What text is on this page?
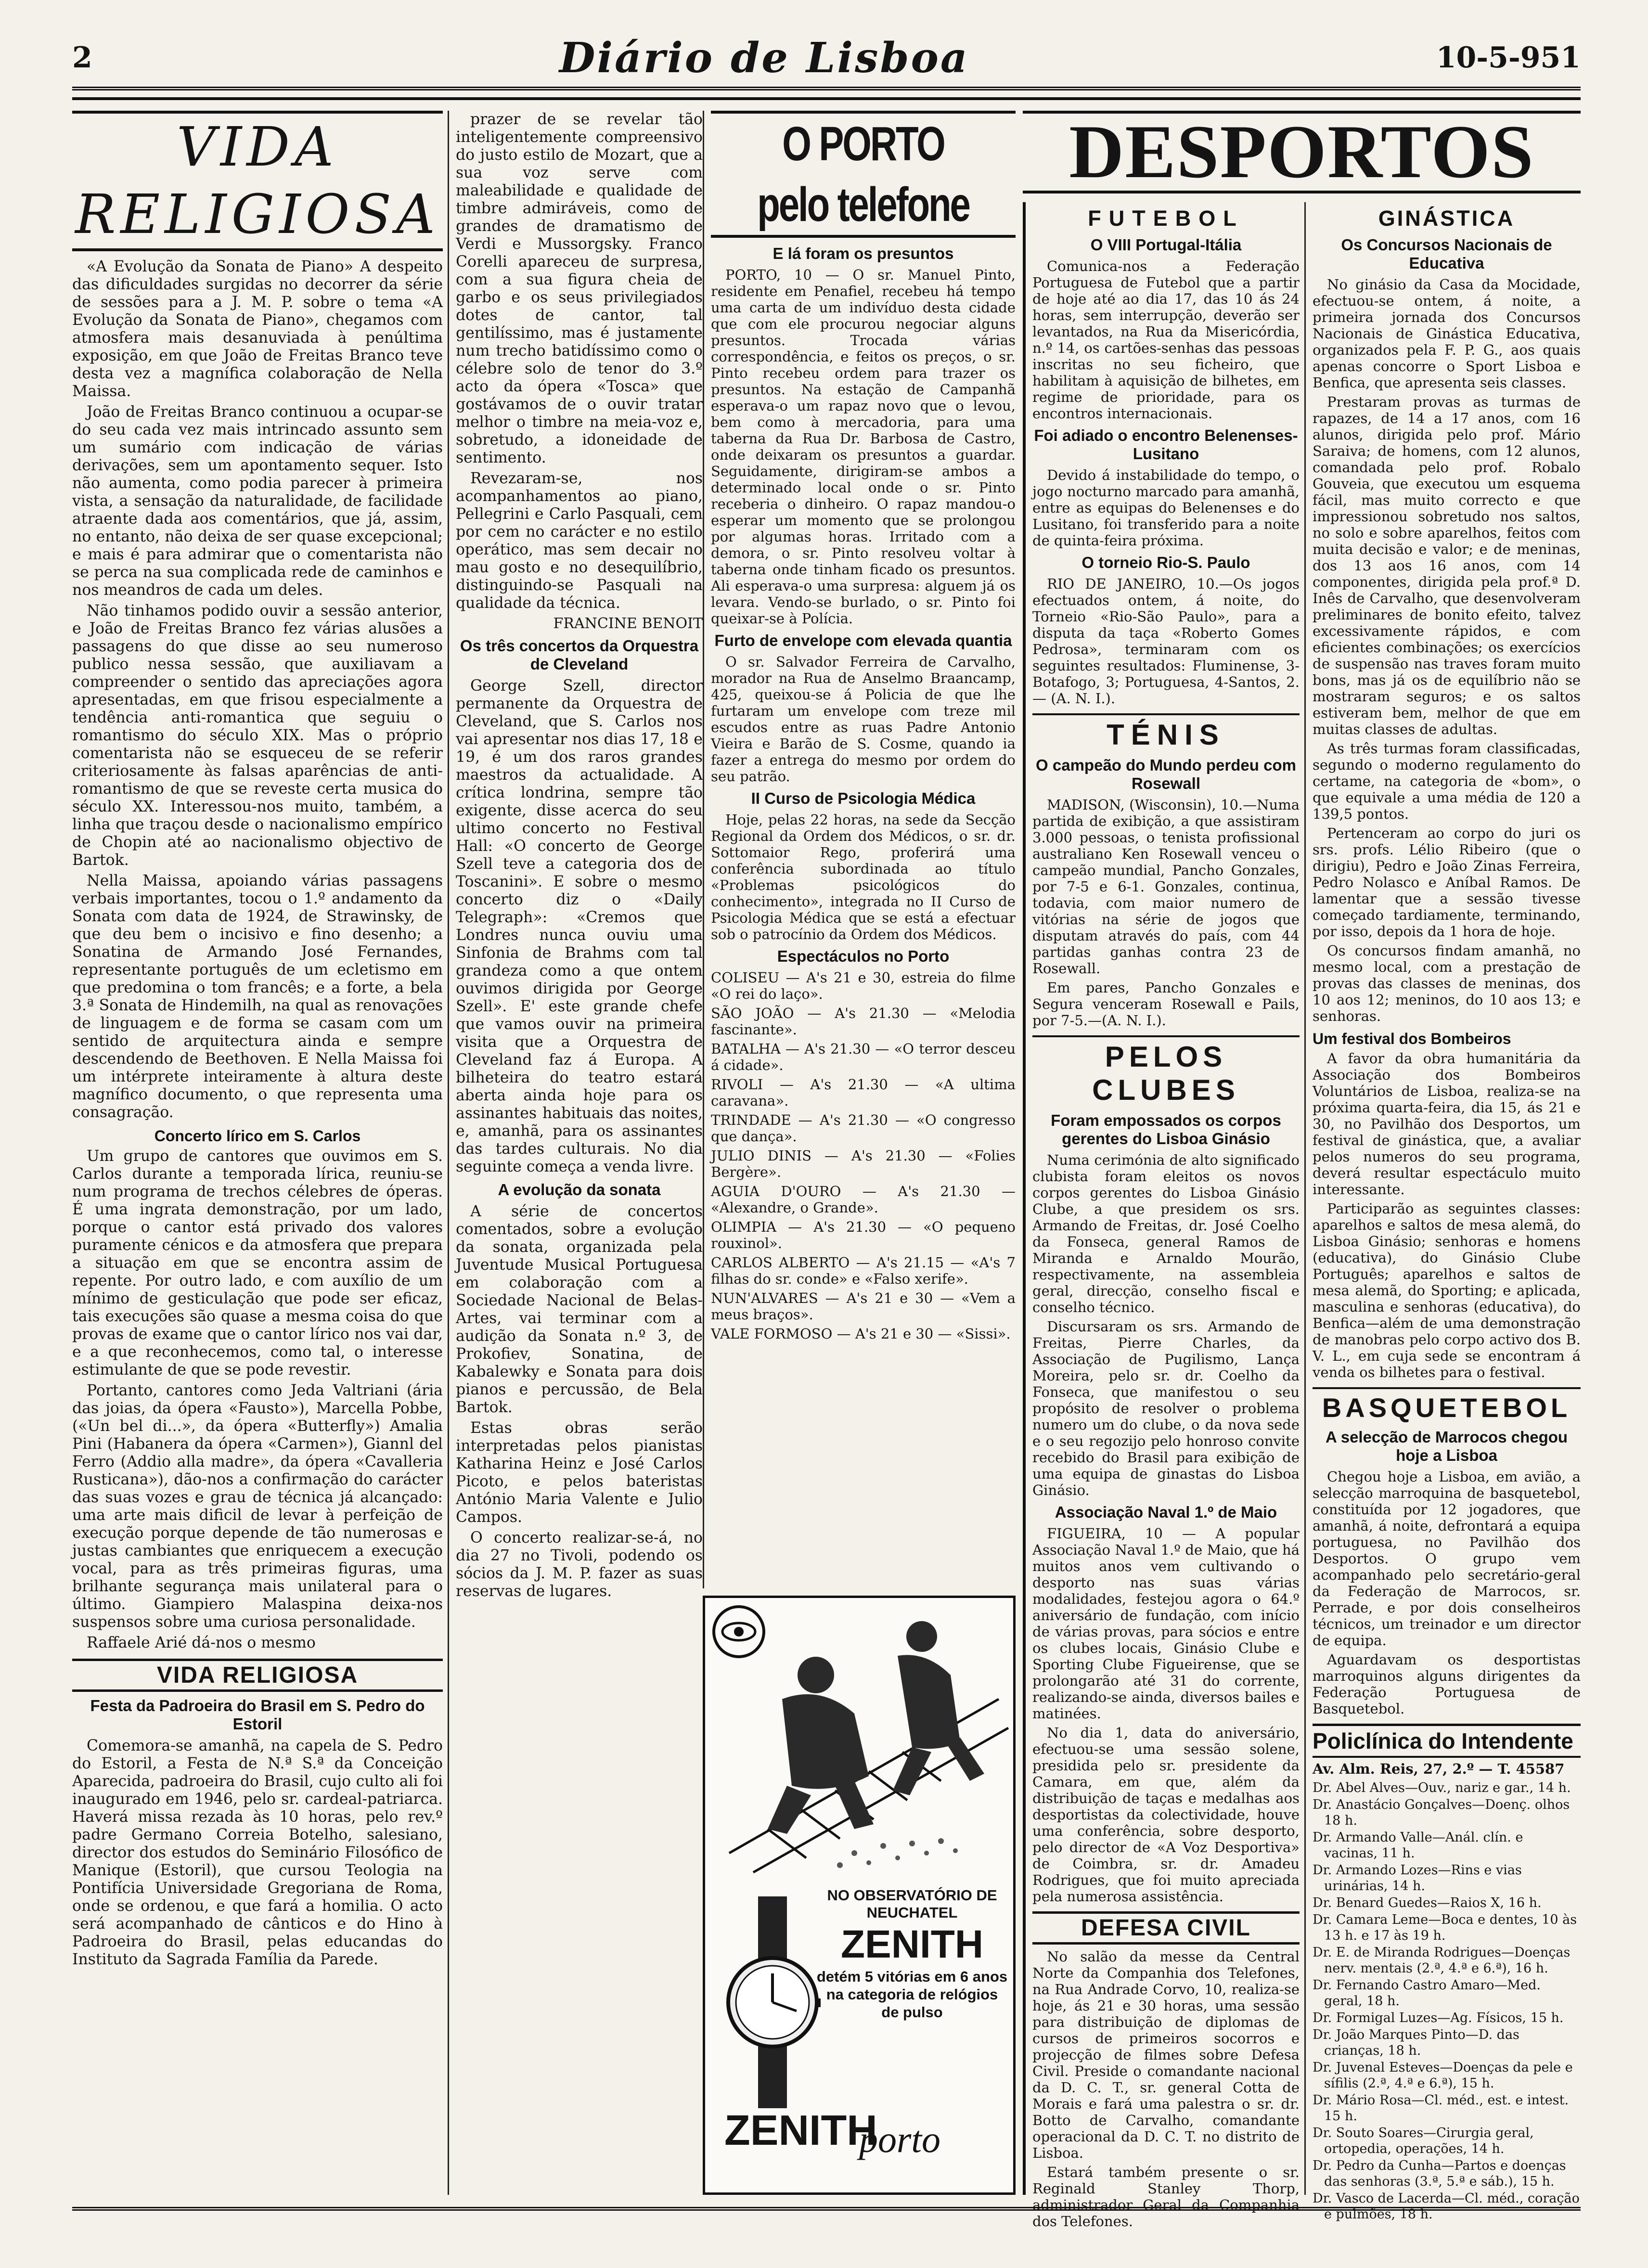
2	Diário de Lisboa	10-5-951
VIDA RELIGIOSA

«A Evolução da Sonata de Piano» A despeito das dificuldades surgidas no decorrer da série de sessões para a J. M. P. sobre o tema «A Evolução da Sonata de Piano», chegamos com atmosfera mais desanuviada à penúltima exposição, em que João de Freitas Branco teve desta vez a magnífica colaboração de Nella Maissa.

João de Freitas Branco continuou a ocupar-se do seu cada vez mais intrincado assunto sem um sumário com indicação de várias derivações, sem um apontamento sequer. Isto não aumenta, como podia parecer à primeira vista, a sensação da naturalidade, de facilidade atraente dada aos comentários, que já, assim, no entanto, não deixa de ser quase excepcional; e mais é para admirar que o comentarista não se perca na sua complicada rede de caminhos e nos meandros de cada um deles.

Não tinhamos podido ouvir a sessão anterior, e João de Freitas Branco fez várias alusões a passagens do que disse ao seu numeroso publico nessa sessão, que auxiliavam a compreender o sentido das apreciações agora apresentadas, em que frisou especialmente a tendência anti-romantica que seguiu o romantismo do século XIX. Mas o próprio comentarista não se esqueceu de se referir criteriosamente às falsas aparências de anti-romantismo de que se reveste certa musica do século XX. Interessou-nos muito, também, a linha que traçou desde o nacionalismo empírico de Chopin até ao nacionalismo objectivo de Bartok.

Nella Maissa, apoiando várias passagens verbais importantes, tocou o 1.º andamento da Sonata com data de 1924, de Strawinsky, de que deu bem o incisivo e fino desenho; a Sonatina de Armando José Fernandes, representante português de um ecletismo em que predomina o tom francês; e a forte, a bela 3.ª Sonata de Hindemilh, na qual as renovações de linguagem e de forma se casam com um sentido de arquitectura ainda e sempre descendendo de Beethoven. E Nella Maissa foi um intérprete inteiramente à altura deste magnífico documento, o que representa uma consagração.

Concerto lírico em S. Carlos

Um grupo de cantores que ouvimos em S. Carlos durante a temporada lírica, reuniu-se num programa de trechos célebres de óperas. É uma ingrata demonstração, por um lado, porque o cantor está privado dos valores puramente cénicos e da atmosfera que prepara a situação em que se encontra assim de repente. Por outro lado, e com auxílio de um mínimo de gesticulação que pode ser eficaz, tais execuções são quase a mesma coisa do que provas de exame que o cantor lírico nos vai dar, e a que reconhecemos, como tal, o interesse estimulante de que se pode revestir.

Portanto, cantores como Jeda Valtriani (ária das joias, da ópera «Fausto»), Marcella Pobbe, («Un bel di...», da ópera «Butterfly») Amalia Pini (Habanera da ópera «Carmen»), Giannl del Ferro (Addio alla madre», da ópera «Cavalleria Rusticana»), dão-nos a confirmação do carácter das suas vozes e grau de técnica já alcançado: uma arte mais dificil de levar à perfeição de execução porque depende de tão numerosas e justas cambiantes que enriquecem a execução vocal, para as três primeiras figuras, uma brilhante segurança mais unilateral para o último. Giampiero Malaspina deixa-nos suspensos sobre uma curiosa personalidade.

Raffaele Arié dá-nos o mesmo

VIDA RELIGIOSA
Festa da Padroeira do Brasil em S. Pedro do Estoril

Comemora-se amanhã, na capela de S. Pedro do Estoril, a Festa de N.ª S.ª da Conceição Aparecida, padroeira do Brasil, cujo culto ali foi inaugurado em 1946, pelo sr. cardeal-patriarca. Haverá missa rezada às 10 horas, pelo rev.º padre Germano Correia Botelho, salesiano, director dos estudos do Seminário Filosófico de Manique (Estoril), que cursou Teologia na Pontifícia Universidade Gregoriana de Roma, onde se ordenou, e que fará a homilia. O acto será acompanhado de cânticos e do Hino à Padroeira do Brasil, pelas educandas do Instituto da Sagrada Família da Parede.

prazer de se revelar tão inteligentemente compreensivo do justo estilo de Mozart, que a sua voz serve com maleabilidade e qualidade de timbre admiráveis, como de grandes de dramatismo de Verdi e Mussorgsky. Franco Corelli apareceu de surpresa, com a sua figura cheia de garbo e os seus privilegiados dotes de cantor, tal gentilíssimo, mas é justamente num trecho batidíssimo como o célebre solo de tenor do 3.º acto da ópera «Tosca» que gostávamos de o ouvir tratar melhor o timbre na meia-voz e, sobretudo, a idoneidade de sentimento.

Revezaram-se, nos acompanhamentos ao piano, Pellegrini e Carlo Pasquali, cem por cem no carácter e no estilo operático, mas sem decair no mau gosto e no desequilíbrio, distinguindo-se Pasquali na qualidade da técnica.

FRANCINE BENOIT
Os três concertos da Orquestra de Cleveland

George Szell, director permanente da Orquestra de Cleveland, que S. Carlos nos vai apresentar nos dias 17, 18 e 19, é um dos raros grandes maestros da actualidade. A crítica londrina, sempre tão exigente, disse acerca do seu ultimo concerto no Festival Hall: «O concerto de George Szell teve a categoria dos de Toscanini». E sobre o mesmo concerto diz o «Daily Telegraph»: «Cremos que Londres nunca ouviu uma Sinfonia de Brahms com tal grandeza como a que ontem ouvimos dirigida por George Szell». E' este grande chefe que vamos ouvir na primeira visita que a Orquestra de Cleveland faz á Europa. A bilheteira do teatro estará aberta ainda hoje para os assinantes habituais das noites, e, amanhã, para os assinantes das tardes culturais. No dia seguinte começa a venda livre.

A evolução da sonata

A série de concertos comentados, sobre a evolução da sonata, organizada pela Juventude Musical Portuguesa em colaboração com a Sociedade Nacional de Belas-Artes, vai terminar com a audição da Sonata n.º 3, de Prokofiev, Sonatina, de Kabalewky e Sonata para dois pianos e percussão, de Bela Bartok.

Estas obras serão interpretadas pelos pianistas Katharina Heinz e José Carlos Picoto, e pelos bateristas António Maria Valente e Julio Campos.

O concerto realizar-se-á, no dia 27 no Tivoli, podendo os sócios da J. M. P. fazer as suas reservas de lugares.

O PORTO pelo telefone
E lá foram os presuntos

PORTO, 10 — O sr. Manuel Pinto, residente em Penafiel, recebeu há tempo uma carta de um indivíduo desta cidade que com ele procurou negociar alguns presuntos. Trocada várias correspondência, e feitos os preços, o sr. Pinto recebeu ordem para trazer os presuntos. Na estação de Campanhã esperava-o um rapaz novo que o levou, bem como à mercadoria, para uma taberna da Rua Dr. Barbosa de Castro, onde deixaram os presuntos a guardar. Seguidamente, dirigiram-se ambos a determinado local onde o sr. Pinto receberia o dinheiro. O rapaz mandou-o esperar um momento que se prolongou por algumas horas. Irritado com a demora, o sr. Pinto resolveu voltar à taberna onde tinham ficado os presuntos. Ali esperava-o uma surpresa: alguem já os levara. Vendo-se burlado, o sr. Pinto foi queixar-se à Polícia.

Furto de envelope com elevada quantia

O sr. Salvador Ferreira de Carvalho, morador na Rua de Anselmo Braancamp, 425, queixou-se á Policia de que lhe furtaram um envelope com treze mil escudos entre as ruas Padre Antonio Vieira e Barão de S. Cosme, quando ia fazer a entrega do mesmo por ordem do seu patrão.

II Curso de Psicologia Médica

Hoje, pelas 22 horas, na sede da Secção Regional da Ordem dos Médicos, o sr. dr. Sottomaior Rego, proferirá uma conferência subordinada ao título «Problemas psicológicos do conhecimento», integrada no II Curso de Psicologia Médica que se está a efectuar sob o patrocínio da Ordem dos Médicos.

Espectáculos no Porto

COLISEU — A's 21 e 30, estreia do filme «O rei do laço».

SÃO JOÃO — A's 21.30 — «Melodia fascinante».

BATALHA — A's 21.30 — «O terror desceu á cidade».

RIVOLI — A's 21.30 — «A ultima caravana».

TRINDADE — A's 21.30 — «O congresso que dança».

JULIO DINIS — A's 21.30 — «Folies Bergère».

AGUIA D'OURO — A's 21.30 — «Alexandre, o Grande».

OLIMPIA — A's 21.30 — «O pequeno rouxinol».

CARLOS ALBERTO — A's 21.15 — «A's 7 filhas do sr. conde» e «Falso xerife».

NUN'ALVARES — A's 21 e 30 — «Vem a meus braços».

VALE FORMOSO — A's 21 e 30 — «Sissi».

NO OBSERVATÓRIO DE NEUCHATEL
ZENITH
detém 5 vitórias em 6 anos na categoria de relógios de pulso
ZENITH
porto
DESPORTOS
FUTEBOL
O VIII Portugal-Itália

Comunica-nos a Federação Portuguesa de Futebol que a partir de hoje até ao dia 17, das 10 ás 24 horas, sem interrupção, deverão ser levantados, na Rua da Misericórdia, n.º 14, os cartões-senhas das pessoas inscritas no seu ficheiro, que habilitam à aquisição de bilhetes, em regime de prioridade, para os encontros internacionais.

Foi adiado o encontro Belenenses-Lusitano

Devido á instabilidade do tempo, o jogo nocturno marcado para amanhã, entre as equipas do Belenenses e do Lusitano, foi transferido para a noite de quinta-feira próxima.

O torneio Rio-S. Paulo

RIO DE JANEIRO, 10.—Os jogos efectuados ontem, á noite, do Torneio «Rio-São Paulo», para a disputa da taça «Roberto Gomes Pedrosa», terminaram com os seguintes resultados: Fluminense, 3-Botafogo, 3; Portuguesa, 4-Santos, 2.— (A. N. I.).

TÉNIS
O campeão do Mundo perdeu com Rosewall

MADISON, (Wisconsin), 10.—Numa partida de exibição, a que assistiram 3.000 pessoas, o tenista profissional australiano Ken Rosewall venceu o campeão mundial, Pancho Gonzales, por 7-5 e 6-1. Gonzales, continua, todavia, com maior numero de vitórias na série de jogos que disputam através do país, com 44 partidas ganhas contra 23 de Rosewall.

Em pares, Pancho Gonzales e Segura venceram Rosewall e Pails, por 7-5.—(A. N. I.).

PELOS CLUBES
Foram empossados os corpos gerentes do Lisboa Ginásio

Numa cerimónia de alto significado clubista foram eleitos os novos corpos gerentes do Lisboa Ginásio Clube, a que presidem os srs. Armando de Freitas, dr. José Coelho da Fonseca, general Ramos de Miranda e Arnaldo Mourão, respectivamente, na assembleia geral, direcção, conselho fiscal e conselho técnico.

Discursaram os srs. Armando de Freitas, Pierre Charles, da Associação de Pugilismo, Lança Moreira, pelo sr. dr. Coelho da Fonseca, que manifestou o seu propósito de resolver o problema numero um do clube, o da nova sede e o seu regozijo pelo honroso convite recebido do Brasil para exibição de uma equipa de ginastas do Lisboa Ginásio.

Associação Naval 1.º de Maio

FIGUEIRA, 10 — A popular Associação Naval 1.º de Maio, que há muitos anos vem cultivando o desporto nas suas várias modalidades, festejou agora o 64.º aniversário de fundação, com início de várias provas, para sócios e entre os clubes locais, Ginásio Clube e Sporting Clube Figueirense, que se prolongarão até 31 do corrente, realizando-se ainda, diversos bailes e matinées.

No dia 1, data do aniversário, efectuou-se uma sessão solene, presidida pelo sr. presidente da Camara, em que, além da distribuição de taças e medalhas aos desportistas da colectividade, houve uma conferência, sobre desporto, pelo director de «A Voz Desportiva» de Coimbra, sr. dr. Amadeu Rodrigues, que foi muito apreciada pela numerosa assistência.

DEFESA CIVIL

No salão da messe da Central Norte da Companhia dos Telefones, na Rua Andrade Corvo, 10, realiza-se hoje, ás 21 e 30 horas, uma sessão para distribuição de diplomas de cursos de primeiros socorros e projecção de filmes sobre Defesa Civil. Preside o comandante nacional da D. C. T., sr. general Cotta de Morais e fará uma palestra o sr. dr. Botto de Carvalho, comandante operacional da D. C. T. no distrito de Lisboa.

Estará também presente o sr. Reginald Stanley Thorp, administrador Geral da Companhia dos Telefones.

GINÁSTICA
Os Concursos Nacionais de Educativa

No ginásio da Casa da Mocidade, efectuou-se ontem, á noite, a primeira jornada dos Concursos Nacionais de Ginástica Educativa, organizados pela F. P. G., aos quais apenas concorre o Sport Lisboa e Benfica, que apresenta seis classes.

Prestaram provas as turmas de rapazes, de 14 a 17 anos, com 16 alunos, dirigida pelo prof. Mário Saraiva; de homens, com 12 alunos, comandada pelo prof. Robalo Gouveia, que executou um esquema fácil, mas muito correcto e que impressionou sobretudo nos saltos, no solo e sobre aparelhos, feitos com muita decisão e valor; e de meninas, dos 13 aos 16 anos, com 14 componentes, dirigida pela prof.ª D. Inês de Carvalho, que desenvolveram preliminares de bonito efeito, talvez excessivamente rápidos, e com eficientes combinações; os exercícios de suspensão nas traves foram muito bons, mas já os de equilíbrio não se mostraram seguros; e os saltos estiveram bem, melhor de que em muitas classes de adultas.

As três turmas foram classificadas, segundo o moderno regulamento do certame, na categoria de «bom», o que equivale a uma média de 120 a 139,5 pontos.

Pertenceram ao corpo do juri os srs. profs. Lélio Ribeiro (que o dirigiu), Pedro e João Zinas Ferreira, Pedro Nolasco e Aníbal Ramos. De lamentar que a sessão tivesse começado tardiamente, terminando, por isso, depois da 1 hora de hoje.

Os concursos findam amanhã, no mesmo local, com a prestação de provas das classes de meninas, dos 10 aos 12; meninos, do 10 aos 13; e senhoras.

Um festival dos Bombeiros

A favor da obra humanitária da Associação dos Bombeiros Voluntários de Lisboa, realiza-se na próxima quarta-feira, dia 15, ás 21 e 30, no Pavilhão dos Desportos, um festival de ginástica, que, a avaliar pelos numeros do seu programa, deverá resultar espectáculo muito interessante.

Participarão as seguintes classes: aparelhos e saltos de mesa alemã, do Lisboa Ginásio; senhoras e homens (educativa), do Ginásio Clube Português; aparelhos e saltos de mesa alemã, do Sporting; e aplicada, masculina e senhoras (educativa), do Benfica—além de uma demonstração de manobras pelo corpo activo dos B. V. L., em cuja sede se encontram á venda os bilhetes para o festival.

BASQUETEBOL
A selecção de Marrocos chegou hoje a Lisboa

Chegou hoje a Lisboa, em avião, a selecção marroquina de basquetebol, constituída por 12 jogadores, que amanhã, á noite, defrontará a equipa portuguesa, no Pavilhão dos Desportos. O grupo vem acompanhado pelo secretário-geral da Federação de Marrocos, sr. Perrade, e por dois conselheiros técnicos, um treinador e um director de equipa.

Aguardavam os desportistas marroquinos alguns dirigentes da Federação Portuguesa de Basquetebol.

Policlínica do Intendente
Av. Alm. Reis, 27, 2.º — T. 45587

Dr. Abel Alves—Ouv., nariz e gar., 14 h.

Dr. Anastácio Gonçalves—Doenç. olhos 18 h.

Dr. Armando Valle—Anál. clín. e vacinas, 11 h.

Dr. Armando Lozes—Rins e vias urinárias, 14 h.

Dr. Benard Guedes—Raios X, 16 h.

Dr. Camara Leme—Boca e dentes, 10 às 13 h. e 17 às 19 h.

Dr. E. de Miranda Rodrigues—Doenças nerv. mentais (2.ª, 4.ª e 6.ª), 16 h.

Dr. Fernando Castro Amaro—Med. geral, 18 h.

Dr. Formigal Luzes—Ag. Físicos, 15 h.

Dr. João Marques Pinto—D. das crianças, 18 h.

Dr. Juvenal Esteves—Doenças da pele e sífilis (2.ª, 4.ª e 6.ª), 15 h.

Dr. Mário Rosa—Cl. méd., est. e intest. 15 h.

Dr. Souto Soares—Cirurgia geral, ortopedia, operações, 14 h.

Dr. Pedro da Cunha—Partos e doenças das senhoras (3.ª, 5.ª e sáb.), 15 h.

Dr. Vasco de Lacerda—Cl. méd., coração e pulmões, 18 h.
